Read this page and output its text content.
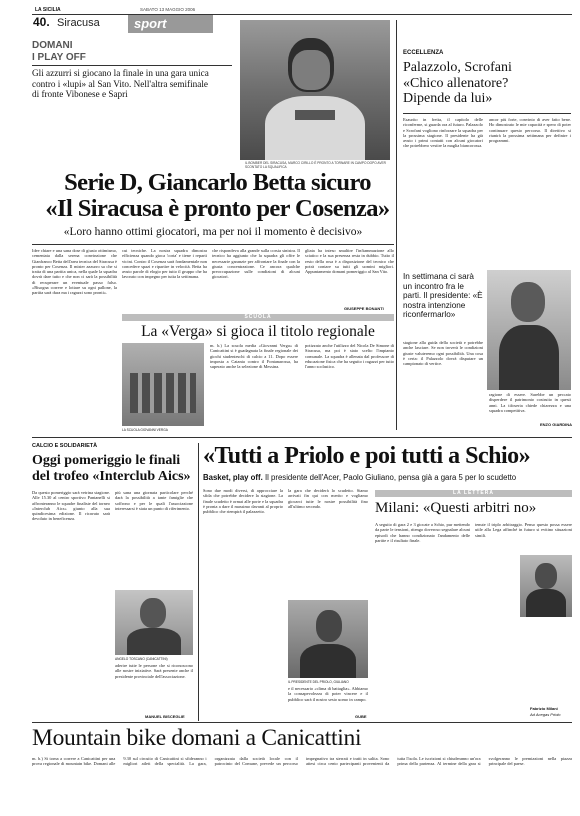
LA SICILIA	SABATO 13 MAGGIO 2006
40. Siracusa	sport
DOMANI
I PLAY OFF
Gli azzurri si giocano la finale in una gara unica contro i «lupi» al San Vito. Nell'altra semifinale di fronte Vibonese e Sapri
IL BOMBER DEL SIRACUSA, MARCO CIRILLO È PRONTO A TORNARE IN CAMPO DOPO AVER SCONTATO LA SQUALIFICA
ECCELLENZA
Palazzolo, Scrofani
«Chico allenatore?
Dipende da lui»
Esaurito in fretta, il capitolo delle riconferme, si guarda ora al futuro. Palazzolo e Scrofani vogliono rinforzare la squadra per la prossima stagione. Il presidente ha già avuto i primi contatti con alcuni giocatori che potrebbero vestire la maglia biancorossa.
ancor più forte, convinto di aver fatto bene. Ho dimostrato le mie capacità e spero di poter continuare questo percorso. Il direttivo si riunirà la prossima settimana per definire i programmi.
In settimana ci sarà un incontro fra le parti. Il presidente: «È nostra intenzione riconfermarlo»
stagione alla guida della società e potrebbe anche lasciare. Se non troverà le condizioni giuste valuteremo ogni possibilità. Una cosa è certa: il Palazzolo dovrà disputare un campionato di vertice.
ragione di essere. Sarebbe un peccato disperdere il patrimonio costruito in questi anni. La tifoseria chiede chiarezza e una squadra competitiva.
ENZO GIARDINA
Serie D, Giancarlo Betta sicuro
«Il Siracusa è pronto per Cosenza»
«Loro hanno ottimi giocatori, ma per noi il momento è decisivo»
Idee chiare e una sana dose di giusto ottimismo, cementata dalla serena convinzione che Gianfranco Betta dell'area tecnica del Siracusa è pronto per Cosenza. Il mister azzurro sa che si tratta di una partita unica, nella quale la squadra dovrà dare tutto e che non ci sarà la possibilità di recuperare un eventuale passo falso. «Bisogna correre e lottare su ogni pallone, la partita sarà dura ma i ragazzi sono pronti».
cui tecniche. La nostra squadra dimostra efficienza quando gioca 'corta' e tiene i reparti vicini. Contro il Cosenza sarà fondamentale non concedere spazi e ripartire in velocità. Betta ha avuto parole di elogio per tutto il gruppo che ha lavorato con impegno per tutta la settimana.
che rispondeva alla grande sulla corsia sinistra. Il tecnico ha aggiunto che la squadra gli offre le necessarie garanzie per affrontare la finale con la giusta concentrazione. Ce ancora qualche preoccupazione sulle condizioni di alcuni giocatori.
gliata ha inteso smaltire l'infiammazione allo sciatico e la sua presenza resta in dubbio. Tutto il resto della rosa è a disposizione del tecnico che potrà contare su tutti gli uomini migliori. Appuntamento domani pomeriggio al San Vito.
GIUSEPPE BONANTI
SCUOLA
La «Verga» si gioca il titolo regionale
LA SCUOLA GIOVANNI VERGA
m. b.) La scuola media «Giovanni Verga» di Canicattini si è guadagnata la finale regionale dei giochi studenteschi di calcio a 11. Dopo essere imposta a Catania contro il Fontanarossa, ha superato anche la selezione di Messina.
potizzato anche l'utilizzo del Nicola De Simone di Siracusa, ma poi è stato scelto l'impianto comunale. La squadra è allenata dal professore di educazione fisica che ha seguito i ragazzi per tutto l'anno scolastico.
CALCIO E SOLIDARIETÀ
Oggi pomeriggio le finali
del trofeo «Interclub Aics»
Da questo pomeriggio sarà vetrina stagione. Alle 15.30 al centro sportivo Pantanelli si affronteranno le squadre finaliste del torneo «Interclub Aics» giunto alla sua quindicesima edizione. Il ricavato sarà devoluto in beneficenza.
più sana una giornata particolare perché darà la possibilità a tante famiglie che soffrono e per le quali l'associazione interessarsi è stata un punto di riferimento.
ANGELO TOSCANO (CANICATTINI)
aderire tutte le persone che si riconoscono alle nostre iniziative. Sarà presente anche il presidente provinciale dell'associazione.
MANUEL BISCEGLIE
«Tutti a Priolo e poi tutti a Schio»
Basket, play off. Il presidente dell'Acer, Paolo Giuliano, pensa già a gara 5 per lo scudetto
Sono due modi diversi, di approcciare la sfida che potrebbe decidere la stagione. La finale scudetto è ormai alle porte e la squadra è pronta a dare il massimo davanti al proprio pubblico che riempirà il palazzetto.
la gara che deciderà lo scudetto. Siamo arrivati fin qui con merito e vogliamo giocarci tutte le nostre possibilità fino all'ultimo secondo.
IL PRESIDENTE DEL PRIOLO, GIULIANO
e il necessario «clima di battaglia». Abbiamo la consapevolezza di poter vincere e il pubblico sarà il nostro sesto uomo in campo.
GUBE
LA LETTERA
Milani: «Questi arbitri no»
A seguito di gara 2 e 3 giocate a Schio, pur mettendo da parte le tensioni, ritengo doveroso segnalare alcuni episodi che hanno condizionato l'andamento delle partite e il risultato finale.
tenute il triplo arbitraggio. Penso questo possa essere utile alla Lega affinché in futuro si evitino situazioni simili.
Fabrizio Milani
Ad Acegas Priolo
Mountain bike domani a Canicattini
m. b.) Si torna a correre a Canicattini per una prova regionale di mountain bike. Domani alle 9.30 sul circuito di Canicattini si sfideranno i migliori atleti della specialità. La gara, organizzata dalla società locale con il patrocinio del Comune, prevede un percorso impegnativo tra sterrati e tratti in salita. Sono attesi circa cento partecipanti provenienti da tutta l'isola. Le iscrizioni si chiuderanno un'ora prima della partenza. Al termine della gara si svolgeranno le premiazioni nella piazza principale del paese.
